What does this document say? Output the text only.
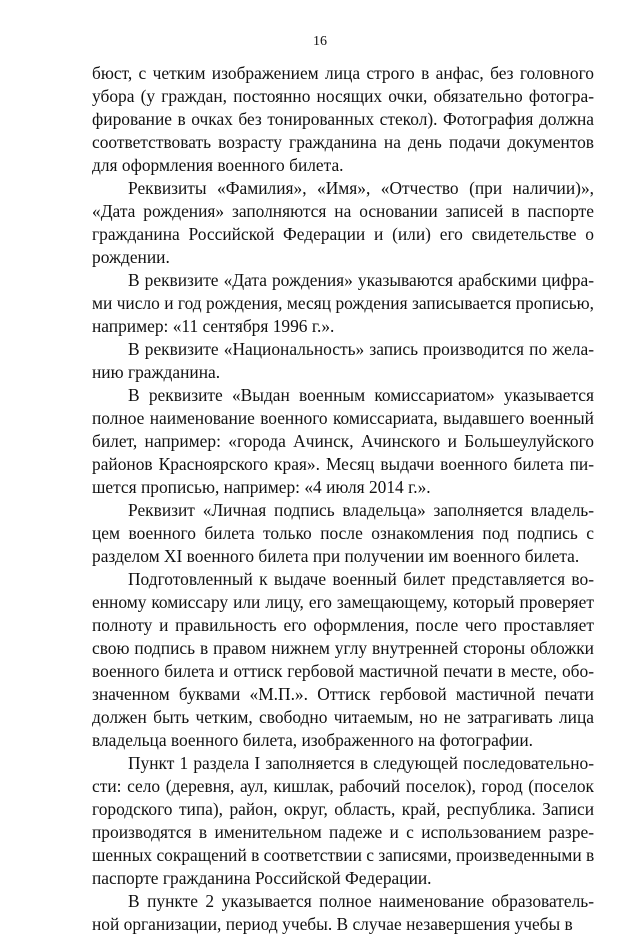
16

бюст, с четким изображением лица строго в анфас, без головного
убора (у граждан, постоянно носящих очки, обязательно фотогра-
фирование в очках без тонированных стекол). Фотография должна
соответствовать возрасту гражданина на день подачи документов
для оформления военного билета.

Реквизиты «Фамилия», «Имя», «Отчество (при наличии)»,
«Дата рождения» заполняются на основании записей в паспорте
гражданина Российской Федерации и (или) его свидетельстве о
рождении.

В реквизите «Дата рождения» указываются арабскими цифра-
ми число и год рождения, месяц рождения записывается прописью,
например: «11 сентября 1996 г.».

В реквизите «Национальность» запись производится по жела-
нию гражданина.

В реквизите «Выдан военным комиссариатом» указывается
полное наименование военного комиссариата, выдавшего военный
билет, например: «города Ачинск, Ачинского и Большеулуйского
районов Красноярского края». Месяц выдачи военного билета пи-
шется прописью, например: «4 июля 2014 г.».

Реквизит «Личная подпись владельца» заполняется владель-
цем военного билета только после ознакомления под подпись с
разделом XI военного билета при получении им военного билета.

Подготовленный к выдаче военный билет представляется во-
енному комиссару или лицу, его замещающему, который проверяет
полноту и правильность его оформления, после чего проставляет
свою подпись в правом нижнем углу внутренней стороны обложки
военного билета и оттиск гербовой мастичной печати в месте, обо-
значенном буквами «М.П.». Оттиск гербовой мастичной печати
должен быть четким, свободно читаемым, но не затрагивать лица
владельца военного билета, изображенного на фотографии.

Пункт 1 раздела I заполняется в следующей последовательно-
сти: село (деревня, аул, кишлак, рабочий поселок), город (поселок
городского типа), район, округ, область, край, республика. Записи
производятся в именительном падеже и с использованием разре-
шенных сокращений в соответствии с записями, произведенными в
паспорте гражданина Российской Федерации.

В пункте 2 указывается полное наименование образователь-
ной организации, период учебы. В случае незавершения учебы в
